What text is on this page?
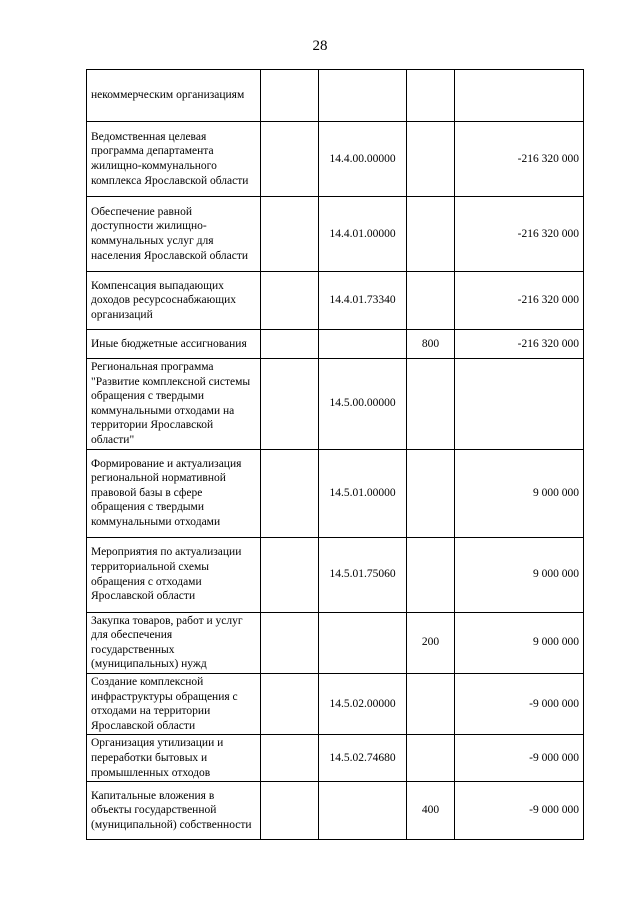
28
некоммерческим организациям				
Ведомственная целевая программа департамента жилищно-коммунального комплекса Ярославской области		14.4.00.00000		-216 320 000
Обеспечение равной доступности жилищно-коммунальных услуг для населения Ярославской области		14.4.01.00000		-216 320 000
Компенсация выпадающих доходов ресурсоснабжающих организаций		14.4.01.73340		-216 320 000
Иные бюджетные ассигнования			800	-216 320 000
Региональная программа "Развитие комплексной системы обращения с твердыми коммунальными отходами на территории Ярославской области"		14.5.00.00000		
Формирование и актуализация региональной нормативной правовой базы в сфере обращения с твердыми коммунальными отходами		14.5.01.00000		9 000 000
Мероприятия по актуализации территориальной схемы обращения с отходами Ярославской области		14.5.01.75060		9 000 000
Закупка товаров, работ и услуг для обеспечения государственных (муниципальных) нужд			200	9 000 000
Создание комплексной инфраструктуры обращения с отходами на территории Ярославской области		14.5.02.00000		-9 000 000
Организация утилизации и переработки бытовых и промышленных отходов		14.5.02.74680		-9 000 000
Капитальные вложения в объекты государственной (муниципальной) собственности			400	-9 000 000
